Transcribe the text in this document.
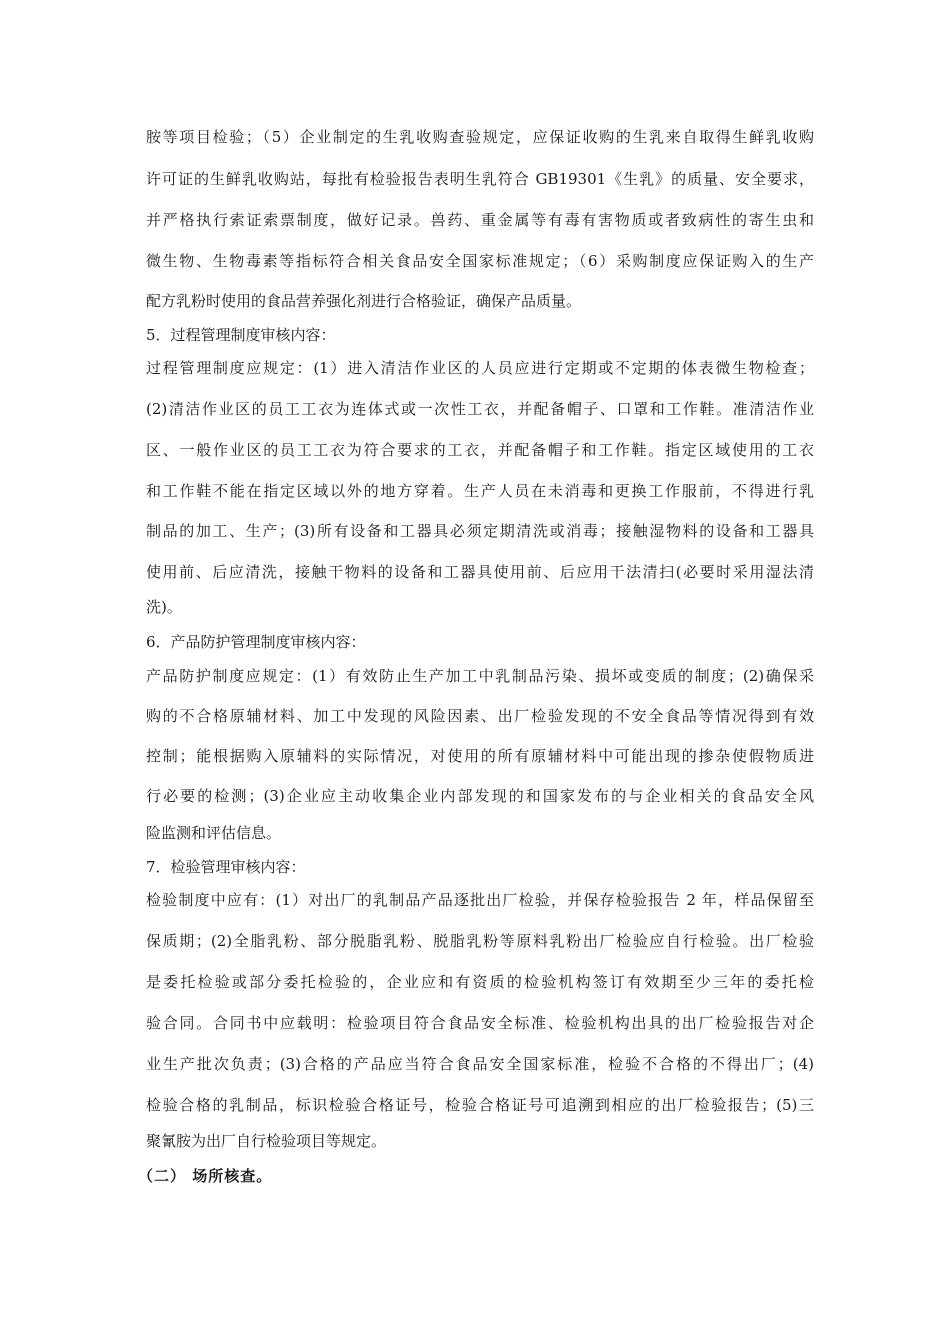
胺等项目检验；（5）企业制定的生乳收购查验规定，应保证收购的生乳来自取得生鲜乳收购
许可证的生鲜乳收购站，每批有检验报告表明生乳符合 GB19301《生乳》的质量、安全要求，
并严格执行索证索票制度，做好记录。兽药、重金属等有毒有害物质或者致病性的寄生虫和
微生物、生物毒素等指标符合相关食品安全国家标准规定；（6）采购制度应保证购入的生产
配方乳粉时使用的食品营养强化剂进行合格验证，确保产品质量。
5．过程管理制度审核内容：
过程管理制度应规定：(1）进入清洁作业区的人员应进行定期或不定期的体表微生物检查；
(2)清洁作业区的员工工衣为连体式或一次性工衣，并配备帽子、口罩和工作鞋。准清洁作业
区、一般作业区的员工工衣为符合要求的工衣，并配备帽子和工作鞋。指定区域使用的工衣
和工作鞋不能在指定区域以外的地方穿着。生产人员在未消毒和更换工作服前，不得进行乳
制品的加工、生产；(3)所有设备和工器具必须定期清洗或消毒；接触湿物料的设备和工器具
使用前、后应清洗，接触干物料的设备和工器具使用前、后应用干法清扫(必要时采用湿法清
洗)。
6．产品防护管理制度审核内容：
产品防护制度应规定：(1）有效防止生产加工中乳制品污染、损坏或变质的制度；(2)确保采
购的不合格原辅材料、加工中发现的风险因素、出厂检验发现的不安全食品等情况得到有效
控制；能根据购入原辅料的实际情况，对使用的所有原辅材料中可能出现的掺杂使假物质进
行必要的检测；(3)企业应主动收集企业内部发现的和国家发布的与企业相关的食品安全风
险监测和评估信息。
7．检验管理审核内容：
检验制度中应有：(1）对出厂的乳制品产品逐批出厂检验，并保存检验报告 2 年，样品保留至
保质期；(2)全脂乳粉、部分脱脂乳粉、脱脂乳粉等原料乳粉出厂检验应自行检验。出厂检验
是委托检验或部分委托检验的，企业应和有资质的检验机构签订有效期至少三年的委托检
验合同。合同书中应载明：检验项目符合食品安全标准、检验机构出具的出厂检验报告对企
业生产批次负责；(3)合格的产品应当符合食品安全国家标准，检验不合格的不得出厂；(4)
检验合格的乳制品，标识检验合格证号，检验合格证号可追溯到相应的出厂检验报告；(5)三
聚氰胺为出厂自行检验项目等规定。
（二） 场所核查。
